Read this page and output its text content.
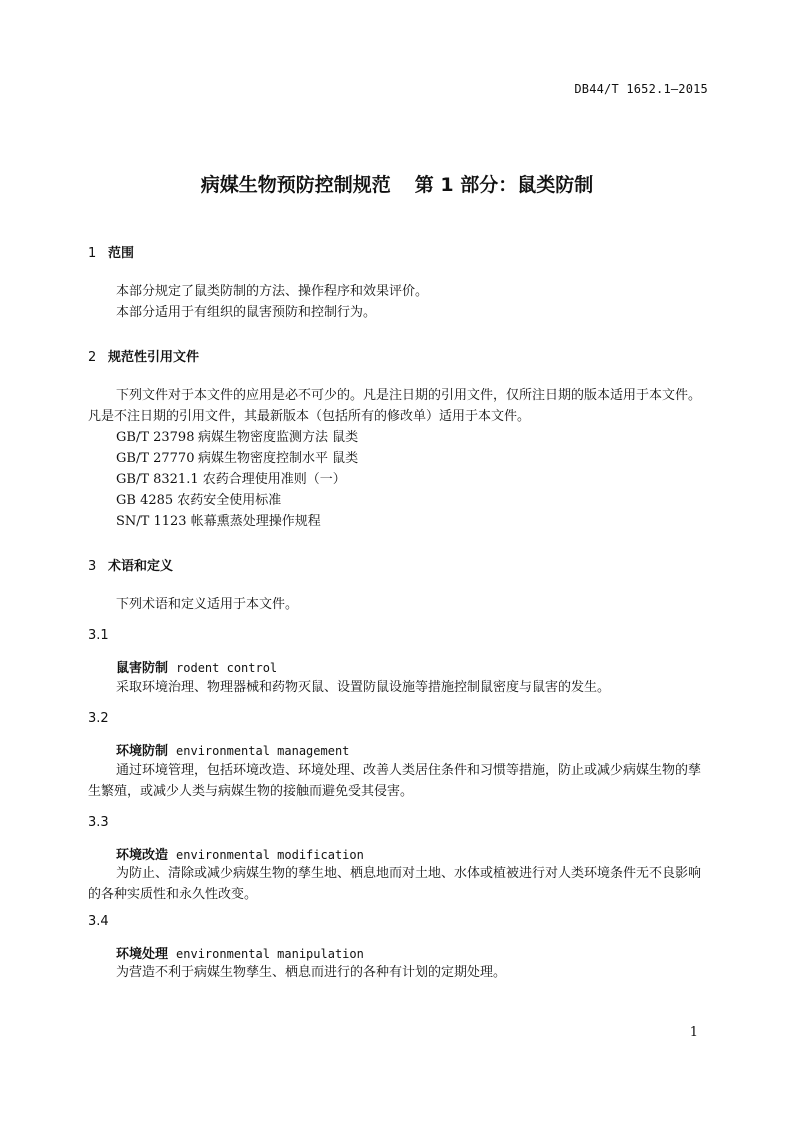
DB44/T 1652.1—2015
病媒生物预防控制规范 第 1 部分：鼠类防制
1 范围
本部分规定了鼠类防制的方法、操作程序和效果评价。
本部分适用于有组织的鼠害预防和控制行为。
2 规范性引用文件
下列文件对于本文件的应用是必不可少的。凡是注日期的引用文件，仅所注日期的版本适用于本文件。凡是不注日期的引用文件，其最新版本（包括所有的修改单）适用于本文件。
GB/T 23798 病媒生物密度监测方法 鼠类
GB/T 27770 病媒生物密度控制水平 鼠类
GB/T 8321.1 农药合理使用准则（一）
GB 4285 农药安全使用标准
SN/T 1123 帐幕熏蒸处理操作规程
3 术语和定义
下列术语和定义适用于本文件。
3.1
鼠害防制 rodent control
采取环境治理、物理器械和药物灭鼠、设置防鼠设施等措施控制鼠密度与鼠害的发生。
3.2
环境防制 environmental management
通过环境管理，包括环境改造、环境处理、改善人类居住条件和习惯等措施，防止或减少病媒生物的孳生繁殖，或减少人类与病媒生物的接触而避免受其侵害。
3.3
环境改造 environmental modification
为防止、清除或减少病媒生物的孳生地、栖息地而对土地、水体或植被进行对人类环境条件无不良影响的各种实质性和永久性改变。
3.4
环境处理 environmental manipulation
为营造不利于病媒生物孳生、栖息而进行的各种有计划的定期处理。
1
